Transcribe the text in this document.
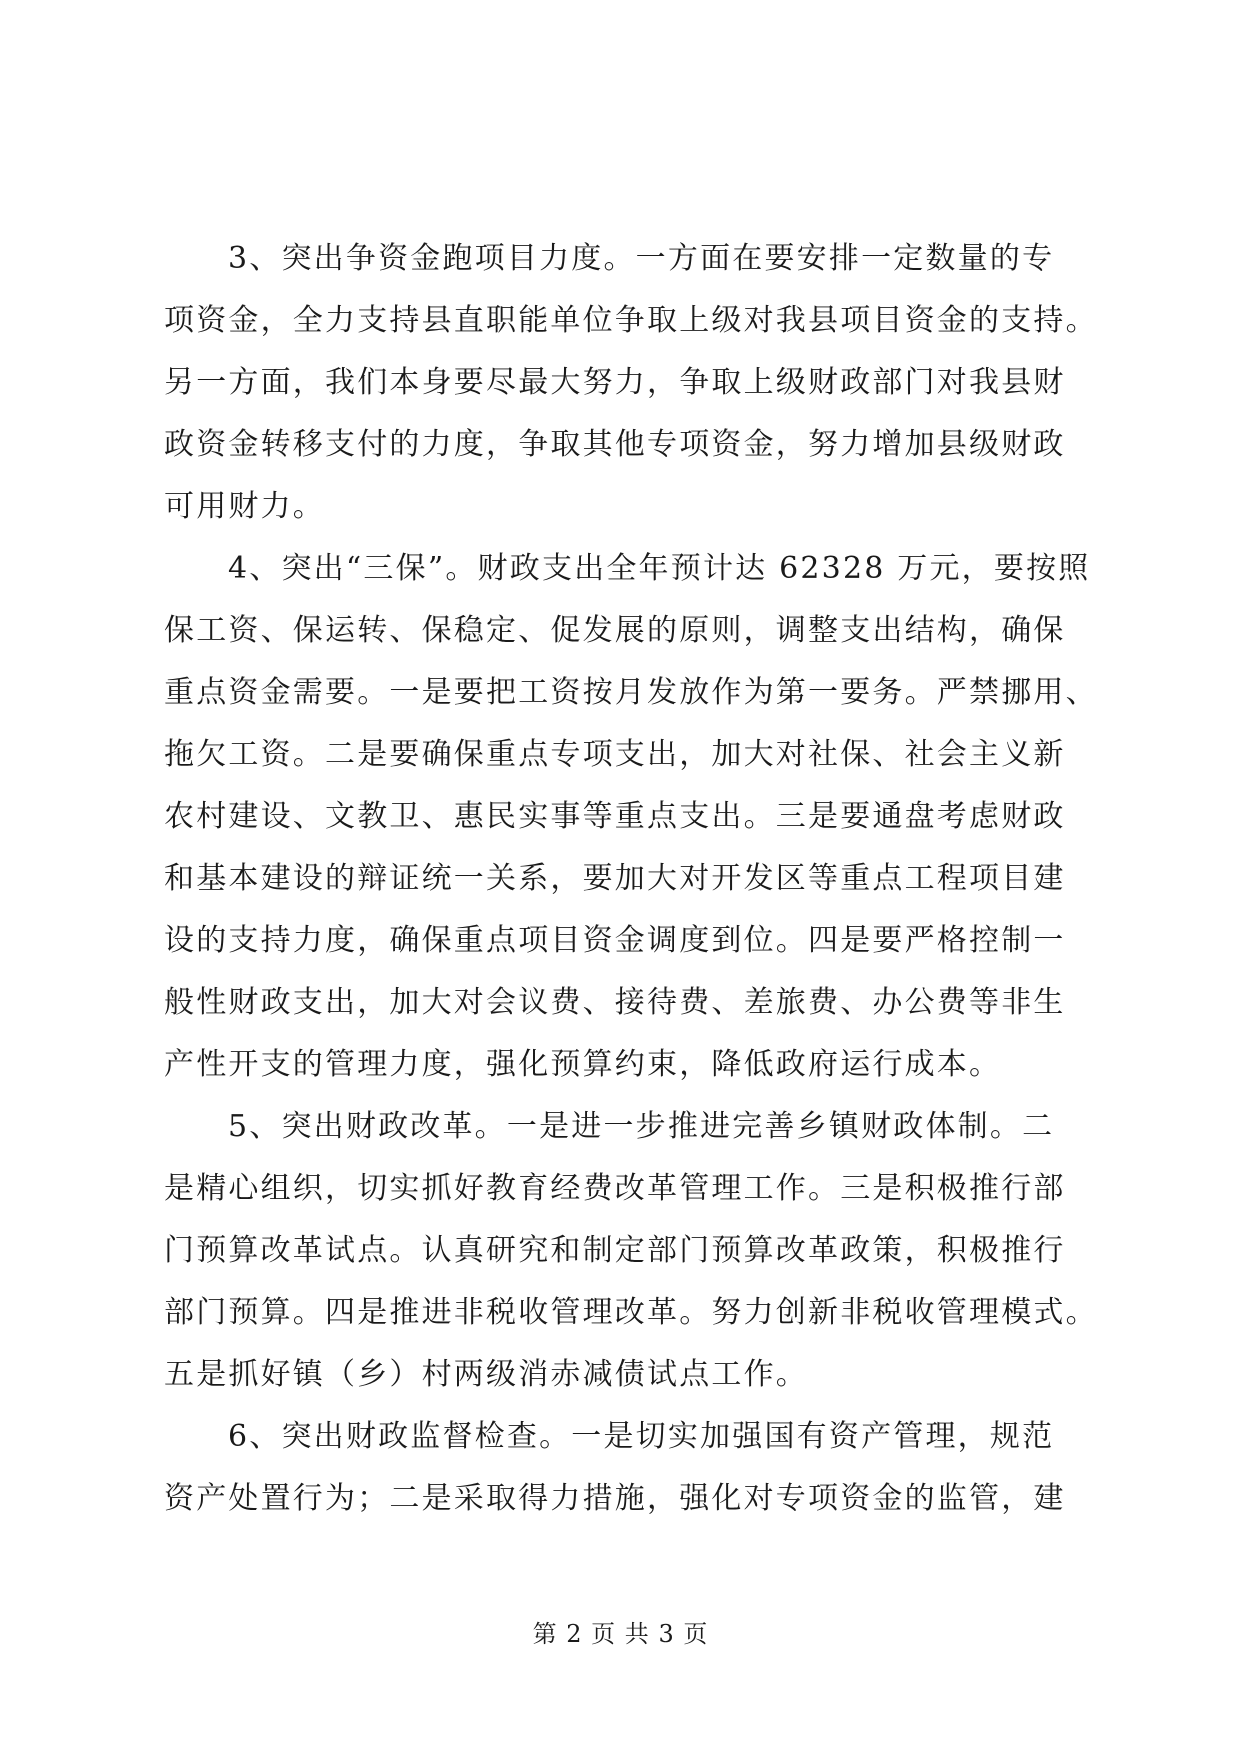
3、突出争资金跑项目力度。一方面在要安排一定数量的专
项资金，全力支持县直职能单位争取上级对我县项目资金的支持。
另一方面，我们本身要尽最大努力，争取上级财政部门对我县财
政资金转移支付的力度，争取其他专项资金，努力增加县级财政
可用财力。
4、突出“三保”。财政支出全年预计达 62328 万元，要按照
保工资、保运转、保稳定、促发展的原则，调整支出结构，确保
重点资金需要。一是要把工资按月发放作为第一要务。严禁挪用、
拖欠工资。二是要确保重点专项支出，加大对社保、社会主义新
农村建设、文教卫、惠民实事等重点支出。三是要通盘考虑财政
和基本建设的辩证统一关系，要加大对开发区等重点工程项目建
设的支持力度，确保重点项目资金调度到位。四是要严格控制一
般性财政支出，加大对会议费、接待费、差旅费、办公费等非生
产性开支的管理力度，强化预算约束，降低政府运行成本。
5、突出财政改革。一是进一步推进完善乡镇财政体制。二
是精心组织，切实抓好教育经费改革管理工作。三是积极推行部
门预算改革试点。认真研究和制定部门预算改革政策，积极推行
部门预算。四是推进非税收管理改革。努力创新非税收管理模式。
五是抓好镇（乡）村两级消赤减债试点工作。
6、突出财政监督检查。一是切实加强国有资产管理，规范
资产处置行为；二是采取得力措施，强化对专项资金的监管，建
第 2 页 共 3 页
